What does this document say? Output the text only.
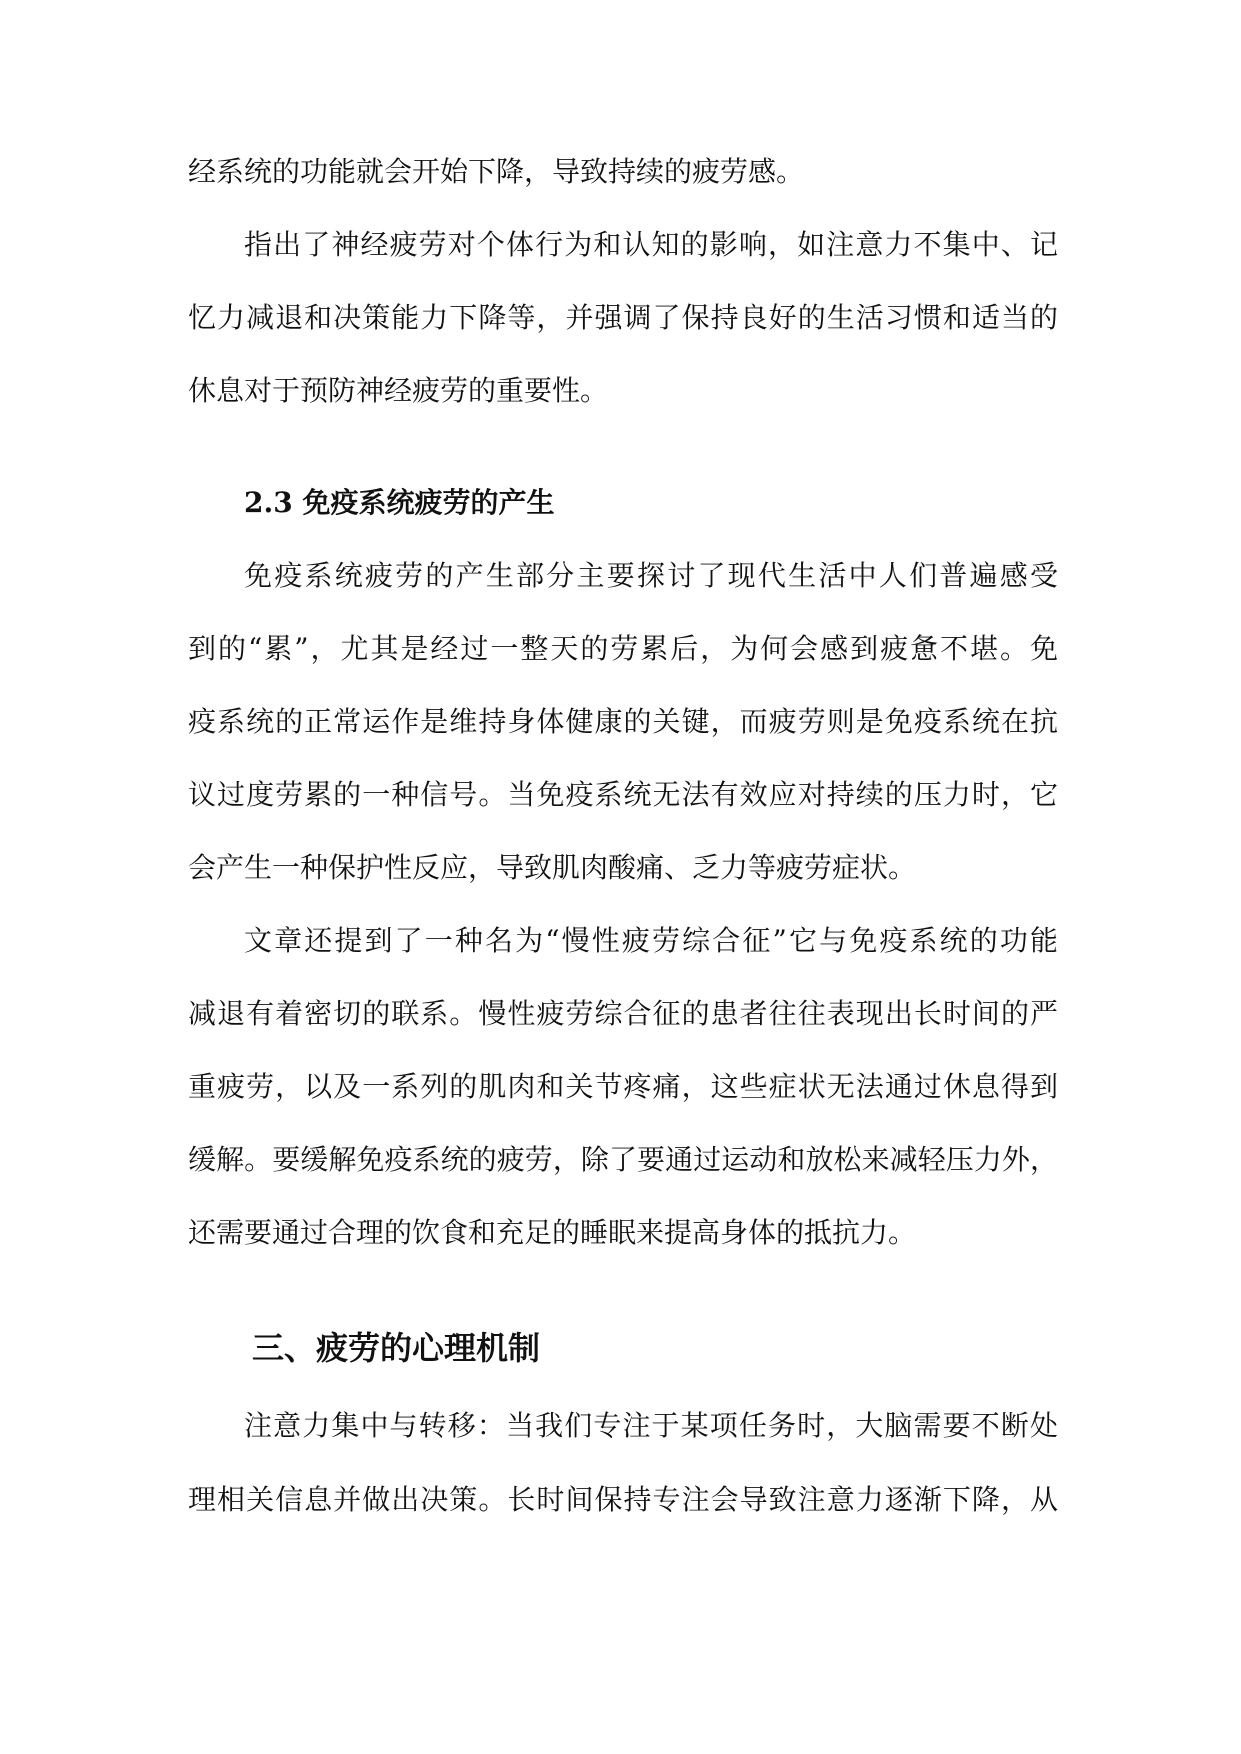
经系统的功能就会开始下降，导致持续的疲劳感。
指出了神经疲劳对个体行为和认知的影响，如注意力不集中、记
忆力减退和决策能力下降等，并强调了保持良好的生活习惯和适当的
休息对于预防神经疲劳的重要性。
2.3 免疫系统疲劳的产生
免疫系统疲劳的产生部分主要探讨了现代生活中人们普遍感受
到的“累”，尤其是经过一整天的劳累后，为何会感到疲惫不堪。免
疫系统的正常运作是维持身体健康的关键，而疲劳则是免疫系统在抗
议过度劳累的一种信号。当免疫系统无法有效应对持续的压力时，它
会产生一种保护性反应，导致肌肉酸痛、乏力等疲劳症状。
文章还提到了一种名为“慢性疲劳综合征”它与免疫系统的功能
减退有着密切的联系。慢性疲劳综合征的患者往往表现出长时间的严
重疲劳，以及一系列的肌肉和关节疼痛，这些症状无法通过休息得到
缓解。要缓解免疫系统的疲劳，除了要通过运动和放松来减轻压力外，
还需要通过合理的饮食和充足的睡眠来提高身体的抵抗力。
三、疲劳的心理机制
注意力集中与转移：当我们专注于某项任务时，大脑需要不断处
理相关信息并做出决策。长时间保持专注会导致注意力逐渐下降，从
